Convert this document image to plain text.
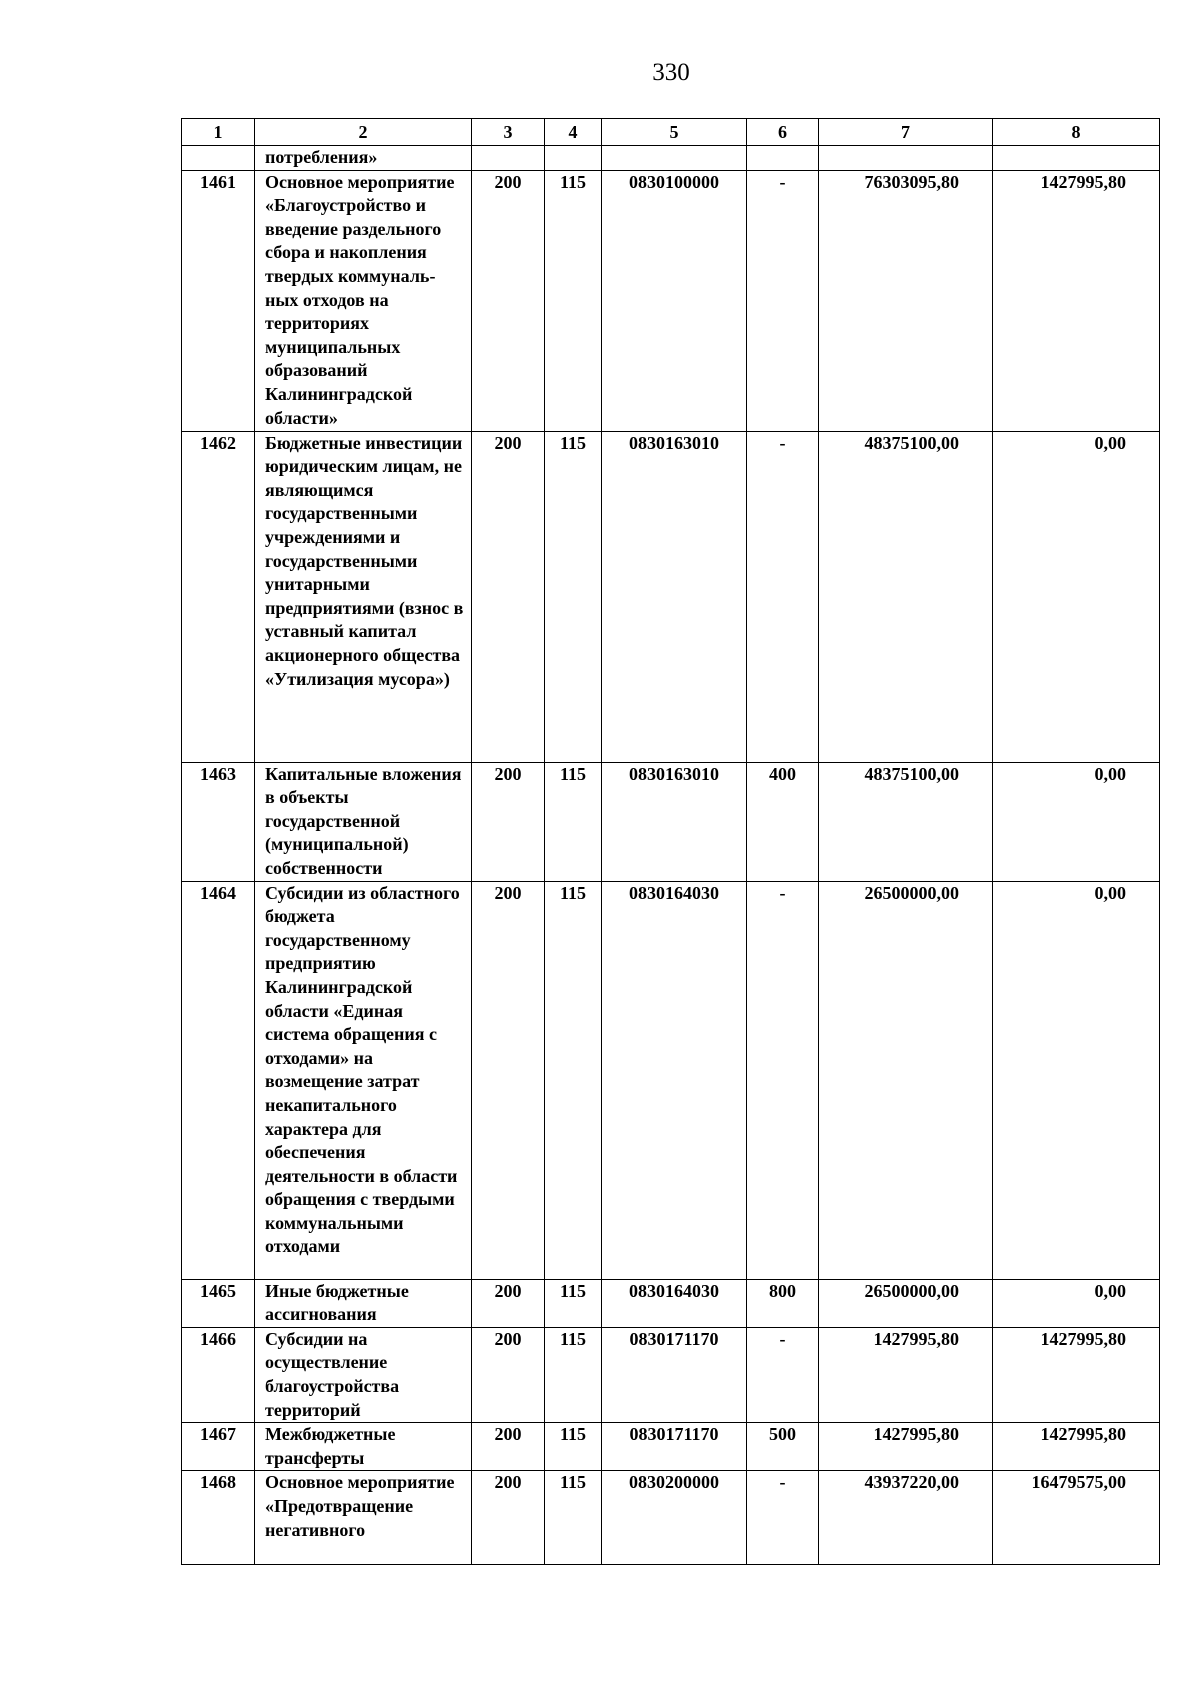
330
1	2	3	4	5	6	7	8
	потребления»						
1461	Основное мероприятие «Благоустройство и введение раздельного сбора и накопления твердых коммуналь-ных отходов на территориях муниципальных образований Калининградской области»	200	115	0830100000	-	76303095,80	1427995,80
1462	Бюджетные инвестиции юридическим лицам, не являющимся государственными учреждениями и государственными унитарными предприятиями (взнос в уставный капитал акционерного общества «Утилизация мусора»)	200	115	0830163010	-	48375100,00	0,00
1463	Капитальные вложения в объекты государственной (муниципальной) собственности	200	115	0830163010	400	48375100,00	0,00
1464	Субсидии из областного бюджета государственному предприятию Калининградской области «Единая система обращения с отходами» на возмещение затрат некапитального характера для обеспечения деятельности в области обращения с твердыми коммунальными отходами	200	115	0830164030	-	26500000,00	0,00
1465	Иные бюджетные ассигнования	200	115	0830164030	800	26500000,00	0,00
1466	Субсидии на осуществление благоустройства территорий	200	115	0830171170	-	1427995,80	1427995,80
1467	Межбюджетные трансферты	200	115	0830171170	500	1427995,80	1427995,80
1468	Основное мероприятие «Предотвращение негативного	200	115	0830200000	-	43937220,00	16479575,00
